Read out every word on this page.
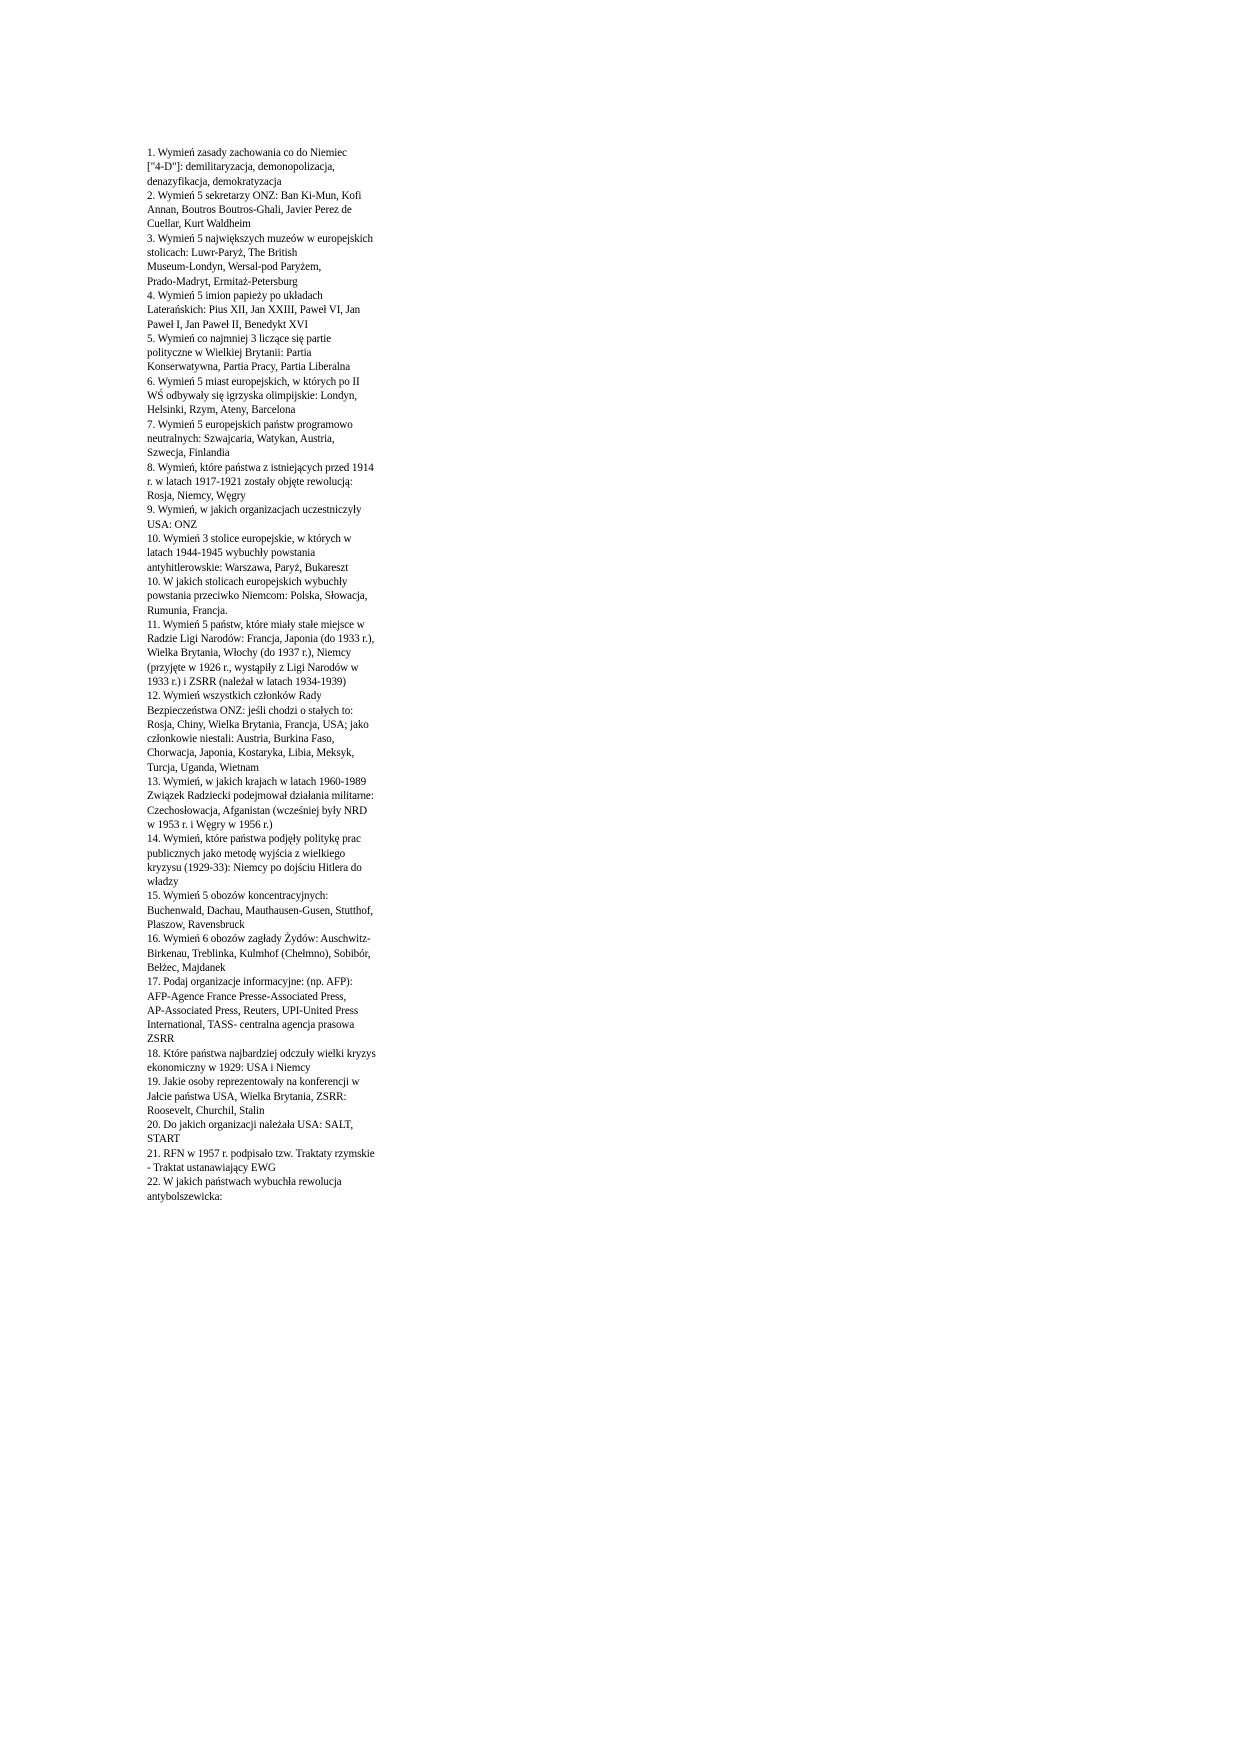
1. Wymień zasady zachowania co do Niemiec
["4-D"]: demilitaryzacja, demonopolizacja,
denazyfikacja, demokratyzacja
2. Wymień 5 sekretarzy ONZ: Ban Ki-Mun, Kofi
Annan, Boutros Boutros-Ghali, Javier Perez de
Cuellar, Kurt Waldheim
3. Wymień 5 największych muzeów w europejskich
stolicach: Luwr-Paryż, The British
Museum-Londyn, Wersal-pod Paryżem,
Prado-Madryt, Ermitaż-Petersburg
4. Wymień 5 imion papieży po układach
Laterańskich: Pius XII, Jan XXIII, Paweł VI, Jan
Paweł I, Jan Paweł II, Benedykt XVI
5. Wymień co najmniej 3 liczące się partie
polityczne w Wielkiej Brytanii: Partia
Konserwatywna, Partia Pracy, Partia Liberalna
6. Wymień 5 miast europejskich, w których po II
WŚ odbywały się igrzyska olimpijskie: Londyn,
Helsinki, Rzym, Ateny, Barcelona
7. Wymień 5 europejskich państw programowo
neutralnych: Szwajcaria, Watykan, Austria,
Szwecja, Finlandia
8. Wymień, które państwa z istniejących przed 1914
r. w latach 1917-1921 zostały objęte rewolucją:
Rosja, Niemcy, Węgry
9. Wymień, w jakich organizacjach uczestniczyły
USA: ONZ
10. Wymień 3 stolice europejskie, w których w
latach 1944-1945 wybuchły powstania
antyhitlerowskie: Warszawa, Paryż, Bukareszt
10. W jakich stolicach europejskich wybuchły
powstania przeciwko Niemcom: Polska, Słowacja,
Rumunia, Francja.
11. Wymień 5 państw, które miały stałe miejsce w
Radzie Ligi Narodów: Francja, Japonia (do 1933 r.),
Wielka Brytania, Włochy (do 1937 r.), Niemcy
(przyjęte w 1926 r., wystąpiły z Ligi Narodów w
1933 r.) i ZSRR (należał w latach 1934-1939)
12. Wymień wszystkich członków Rady
Bezpieczeństwa ONZ: jeśli chodzi o stałych to:
Rosja, Chiny, Wielka Brytania, Francja, USA; jako
członkowie niestali: Austria, Burkina Faso,
Chorwacja, Japonia, Kostaryka, Libia, Meksyk,
Turcja, Uganda, Wietnam
13. Wymień, w jakich krajach w latach 1960-1989
Związek Radziecki podejmował działania militarne:
Czechosłowacja, Afganistan (wcześniej były NRD
w 1953 r. i Węgry w 1956 r.)
14. Wymień, które państwa podjęły politykę prac
publicznych jako metodę wyjścia z wielkiego
kryzysu (1929-33): Niemcy po dojściu Hitlera do
władzy
15. Wymień 5 obozów koncentracyjnych:
Buchenwald, Dachau, Mauthausen-Gusen, Stutthof,
Plaszow, Ravensbruck
16. Wymień 6 obozów zagłady Żydów: Auschwitz-
Birkenau, Treblinka, Kulmhof (Chełmno), Sobibór,
Bełżec, Majdanek
17. Podaj organizacje informacyjne: (np. AFP):
AFP-Agence France Presse-Associated Press,
AP-Associated Press, Reuters, UPI-United Press
International, TASS- centralna agencja prasowa
ZSRR
18. Które państwa najbardziej odczuły wielki kryzys
ekonomiczny w 1929: USA i Niemcy
19. Jakie osoby reprezentowały na konferencji w
Jałcie państwa USA, Wielka Brytania, ZSRR:
Roosevelt, Churchil, Stalin
20. Do jakich organizacji należała USA: SALT,
START
21. RFN w 1957 r. podpisało tzw. Traktaty rzymskie
- Traktat ustanawiający EWG
22. W jakich państwach wybuchła rewolucja
antybolszewicka:
